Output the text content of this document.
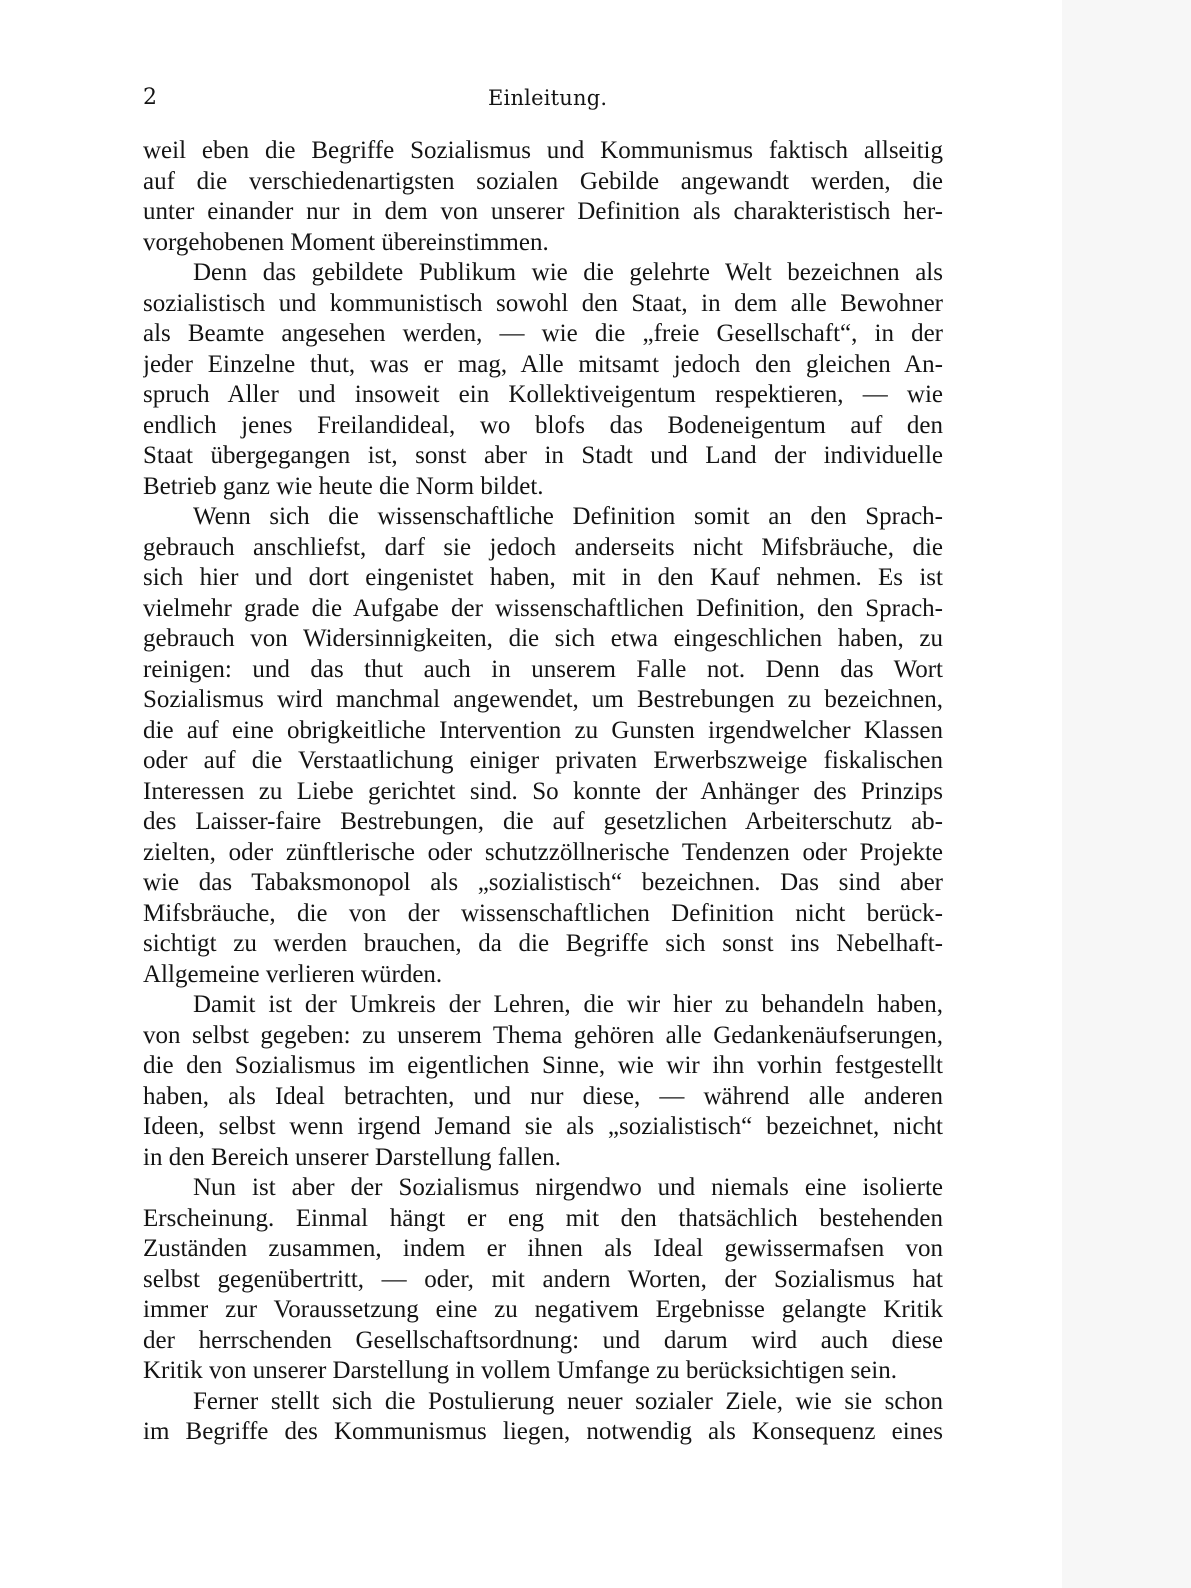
2	Einleitung.
weil eben die Begriffe Sozialismus und Kommunismus faktisch allseitig
auf die verschiedenartigsten sozialen Gebilde angewandt werden, die
unter einander nur in dem von unserer Definition als charakteristisch her-
vorgehobenen Moment übereinstimmen.
Denn das gebildete Publikum wie die gelehrte Welt bezeichnen als
sozialistisch und kommunistisch sowohl den Staat, in dem alle Bewohner
als Beamte angesehen werden, — wie die „freie Gesellschaft“, in der
jeder Einzelne thut, was er mag, Alle mitsamt jedoch den gleichen An-
spruch Aller und insoweit ein Kollektiveigentum respektieren, — wie
endlich jenes Freilandideal, wo blofs das Bodeneigentum auf den
Staat übergegangen ist, sonst aber in Stadt und Land der individuelle
Betrieb ganz wie heute die Norm bildet.
Wenn sich die wissenschaftliche Definition somit an den Sprach-
gebrauch anschliefst, darf sie jedoch anderseits nicht Mifsbräuche, die
sich hier und dort eingenistet haben, mit in den Kauf nehmen. Es ist
vielmehr grade die Aufgabe der wissenschaftlichen Definition, den Sprach-
gebrauch von Widersinnigkeiten, die sich etwa eingeschlichen haben, zu
reinigen: und das thut auch in unserem Falle not. Denn das Wort
Sozialismus wird manchmal angewendet, um Bestrebungen zu bezeichnen,
die auf eine obrigkeitliche Intervention zu Gunsten irgendwelcher Klassen
oder auf die Verstaatlichung einiger privaten Erwerbszweige fiskalischen
Interessen zu Liebe gerichtet sind. So konnte der Anhänger des Prinzips
des Laisser-faire Bestrebungen, die auf gesetzlichen Arbeiterschutz ab-
zielten, oder zünftlerische oder schutzzöllnerische Tendenzen oder Projekte
wie das Tabaksmonopol als „sozialistisch“ bezeichnen. Das sind aber
Mifsbräuche, die von der wissenschaftlichen Definition nicht berück-
sichtigt zu werden brauchen, da die Begriffe sich sonst ins Nebelhaft-
Allgemeine verlieren würden.
Damit ist der Umkreis der Lehren, die wir hier zu behandeln haben,
von selbst gegeben: zu unserem Thema gehören alle Gedankenäufserungen,
die den Sozialismus im eigentlichen Sinne, wie wir ihn vorhin festgestellt
haben, als Ideal betrachten, und nur diese, — während alle anderen
Ideen, selbst wenn irgend Jemand sie als „sozialistisch“ bezeichnet, nicht
in den Bereich unserer Darstellung fallen.
Nun ist aber der Sozialismus nirgendwo und niemals eine isolierte
Erscheinung. Einmal hängt er eng mit den thatsächlich bestehenden
Zuständen zusammen, indem er ihnen als Ideal gewissermafsen von
selbst gegenübertritt, — oder, mit andern Worten, der Sozialismus hat
immer zur Voraussetzung eine zu negativem Ergebnisse gelangte Kritik
der herrschenden Gesellschaftsordnung: und darum wird auch diese
Kritik von unserer Darstellung in vollem Umfange zu berücksichtigen sein.
Ferner stellt sich die Postulierung neuer sozialer Ziele, wie sie schon
im Begriffe des Kommunismus liegen, notwendig als Konsequenz eines
